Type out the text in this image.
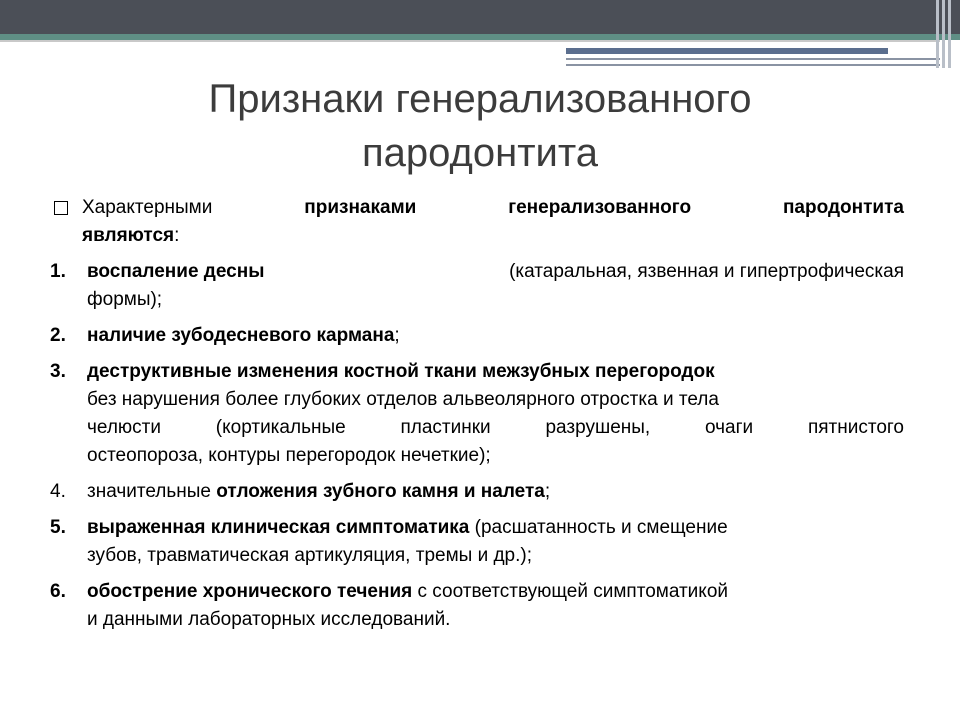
Признаки генерализованного
пародонтита
Характерными	признаками	генерализованного	пародонтита
являются:
1.	воспаление десны	(катаральная, язвенная и гипертрофическая
формы);
2.	наличие зубодесневого кармана;
3.	деструктивные изменения костной ткани межзубных перегородок
без нарушения более глубоких отделов альвеолярного отростка и тела
челюсти (кортикальные пластинки разрушены, очаги пятнистого
остеопороза, контуры перегородок нечеткие);
4.	значительные отложения зубного камня и налета;
5.	выраженная клиническая симптоматика (расшатанность и смещение
зубов, травматическая артикуляция, тремы и др.);
6.	обострение хронического течения с соответствующей симптоматикой
и данными лабораторных исследований.
